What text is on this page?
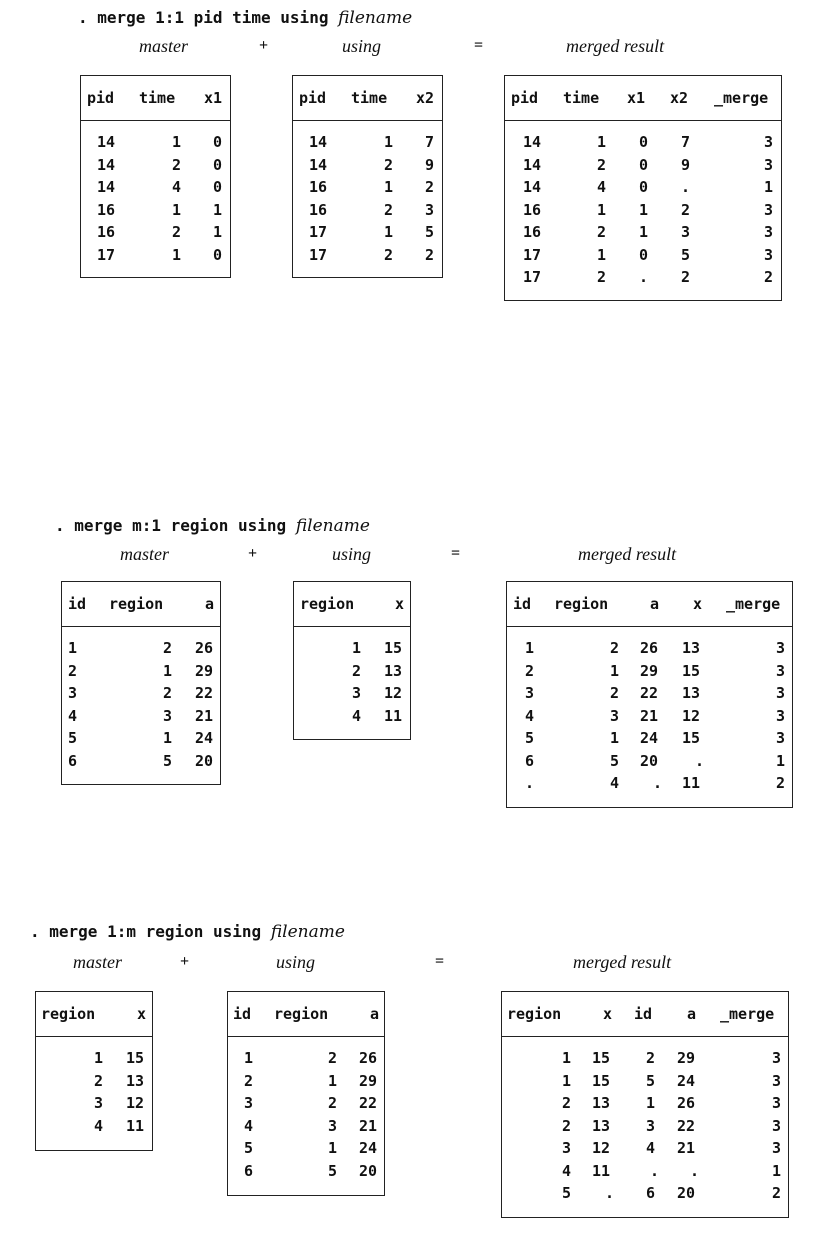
. merge 1:1 pid time using filename
master	+	using	=	merged result
pid time x1
14	1 0
14	2 0
14	4 0
16	1 1
16	2 1
17	1 0
pid time x2
14	1 7
14	2 9
16	1 2
16	2 3
17	1 5
17	2 2
pid time x1 x2 _merge
14	1 0 7	3
14	2 0 9	3
14	4 0 .	1
16	1 1 2	3
16	2 1 3	3
17	1 0 5	3
17	2 . 2	2
. merge m:1 region using filename
master	+	using	=	merged result
id region	a
1	2 26
2	1 29
3	2 22
4	3 21
5	1 24
6	5 20
region	x
1 15
2 13
3 12
4 11
id region	a x _merge
1	2 26 13	3
2	1 29 15	3
3	2 22 13	3
4	3 21 12	3
5	1 24 15	3
6	5 20 .	1
.	4 . 11	2
. merge 1:m region using filename
master	+	using	=	merged result
region	x
1 15
2 13
3 12
4 11
id region	a
1	2 26
2	1 29
3	2 22
4	3 21
5	1 24
6	5 20
region	x id a _merge
1 15 2 29	3
1 15 5 24	3
2 13 1 26	3
2 13 3 22	3
3 12 4 21	3
4 11	. .	1
5 . 6 20	2
